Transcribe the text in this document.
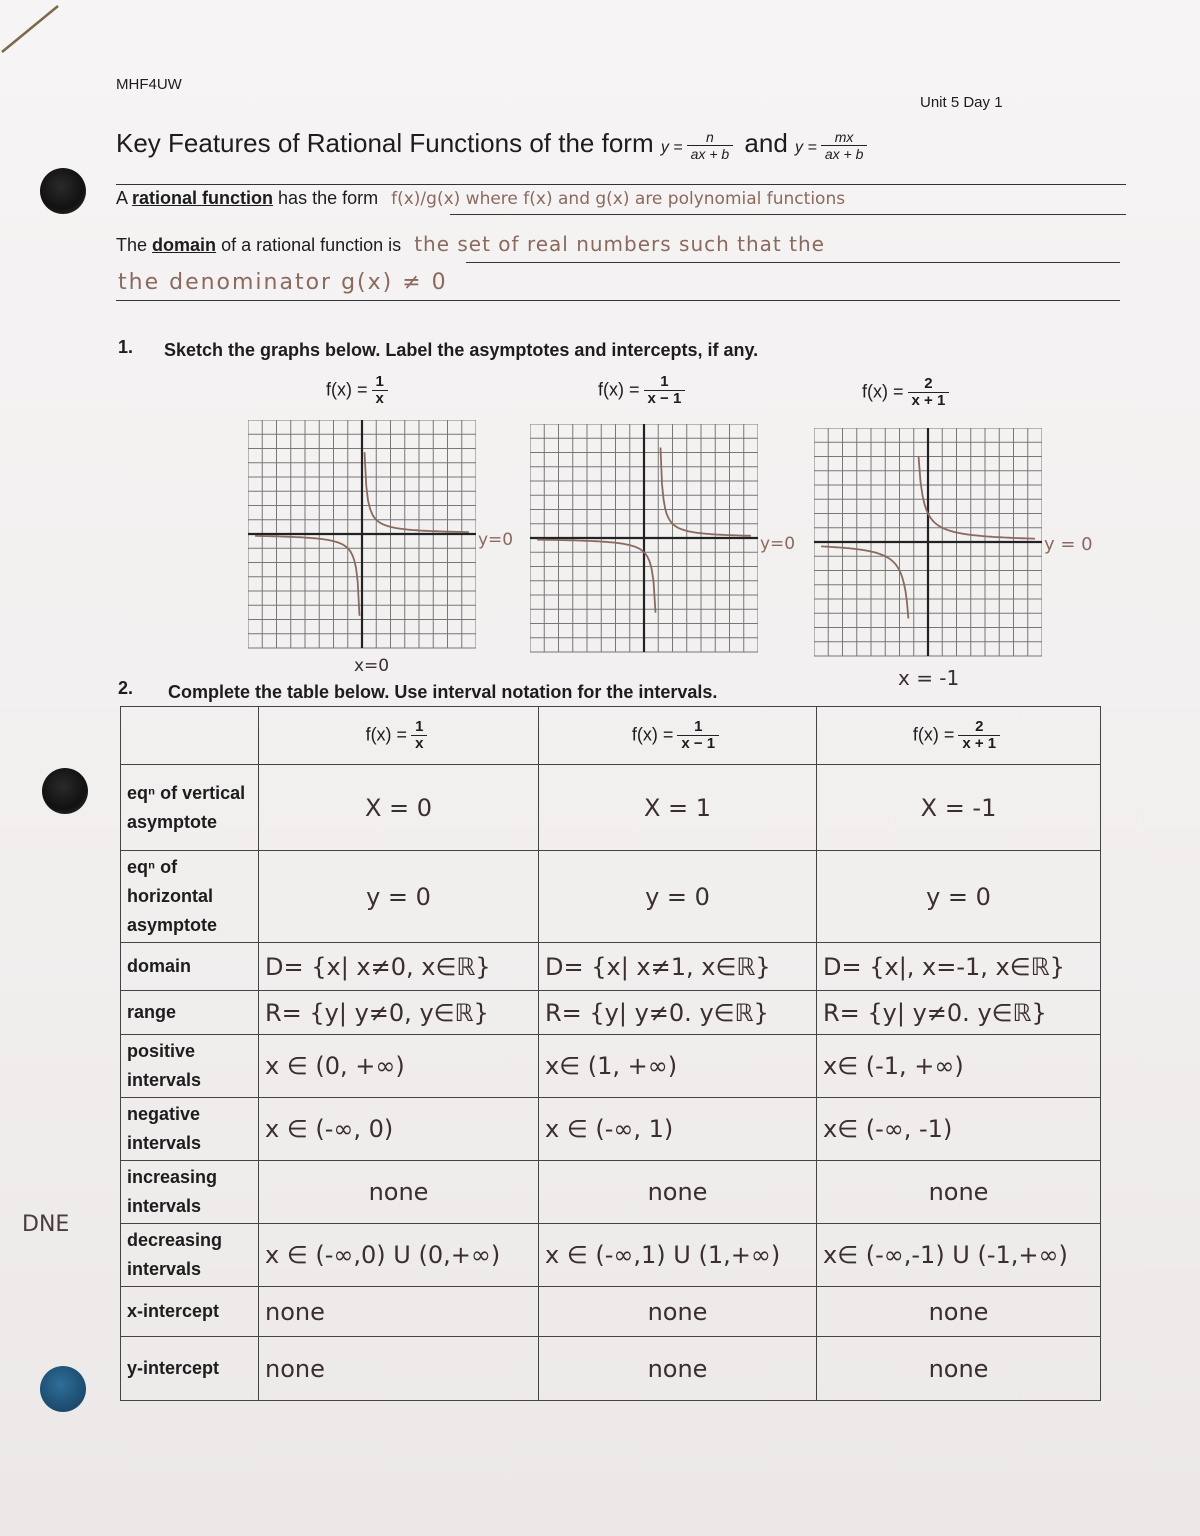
MHF4UW
Unit 5 Day 1
Key Features of Rational Functions of the form $y = \frac{n}{ax + b}$ and $y = \frac{mx}{ax + b}$
A rational function has the form f(x)/g(x) where f(x) and g(x) are polynomial functions
The domain of a rational function is the set of real numbers such that the
the denominator g(x) ≠ 0
1. Sketch the graphs below. Label the asymptotes and intercepts, if any.
$f(x) = \frac{1}{x}$	$f(x) = \frac{1}{x - 1}$	$f(x) = \frac{2}{x + 1}$
y=0	y=0	y = 0
x=0	x = -1
2. Complete the table below. Use interval notation for the intervals.
	$f(x) = \frac{1}{x}$	$f(x) = \frac{1}{x - 1}$	$f(x) = \frac{2}{x + 1}$

eqⁿ of vertical asymptote	X = 0	X = 1	X = -1
eqⁿ of horizontal asymptote	y = 0	y = 0	y = 0
domain	D= {x| x≠0, x∈ℝ}	D= {x| x≠1, x∈ℝ}	D= {x|, x=-1, x∈ℝ}
range	R= {y| y≠0, y∈ℝ}	R= {y| y≠0. y∈ℝ}	R= {y| y≠0. y∈ℝ}
positive intervals	x ∈ (0, +∞)	x∈ (1, +∞)	x∈ (-1, +∞)
negative intervals	x ∈ (-∞, 0)	x ∈ (-∞, 1)	x∈ (-∞, -1)
increasing intervals	none	none	none
decreasing intervals	x ∈ (-∞,0) U (0,+∞)	x ∈ (-∞,1) U (1,+∞)	x∈ (-∞,-1) U (-1,+∞)
x-intercept	none	none	none
y-intercept	none	none	none
DNE
